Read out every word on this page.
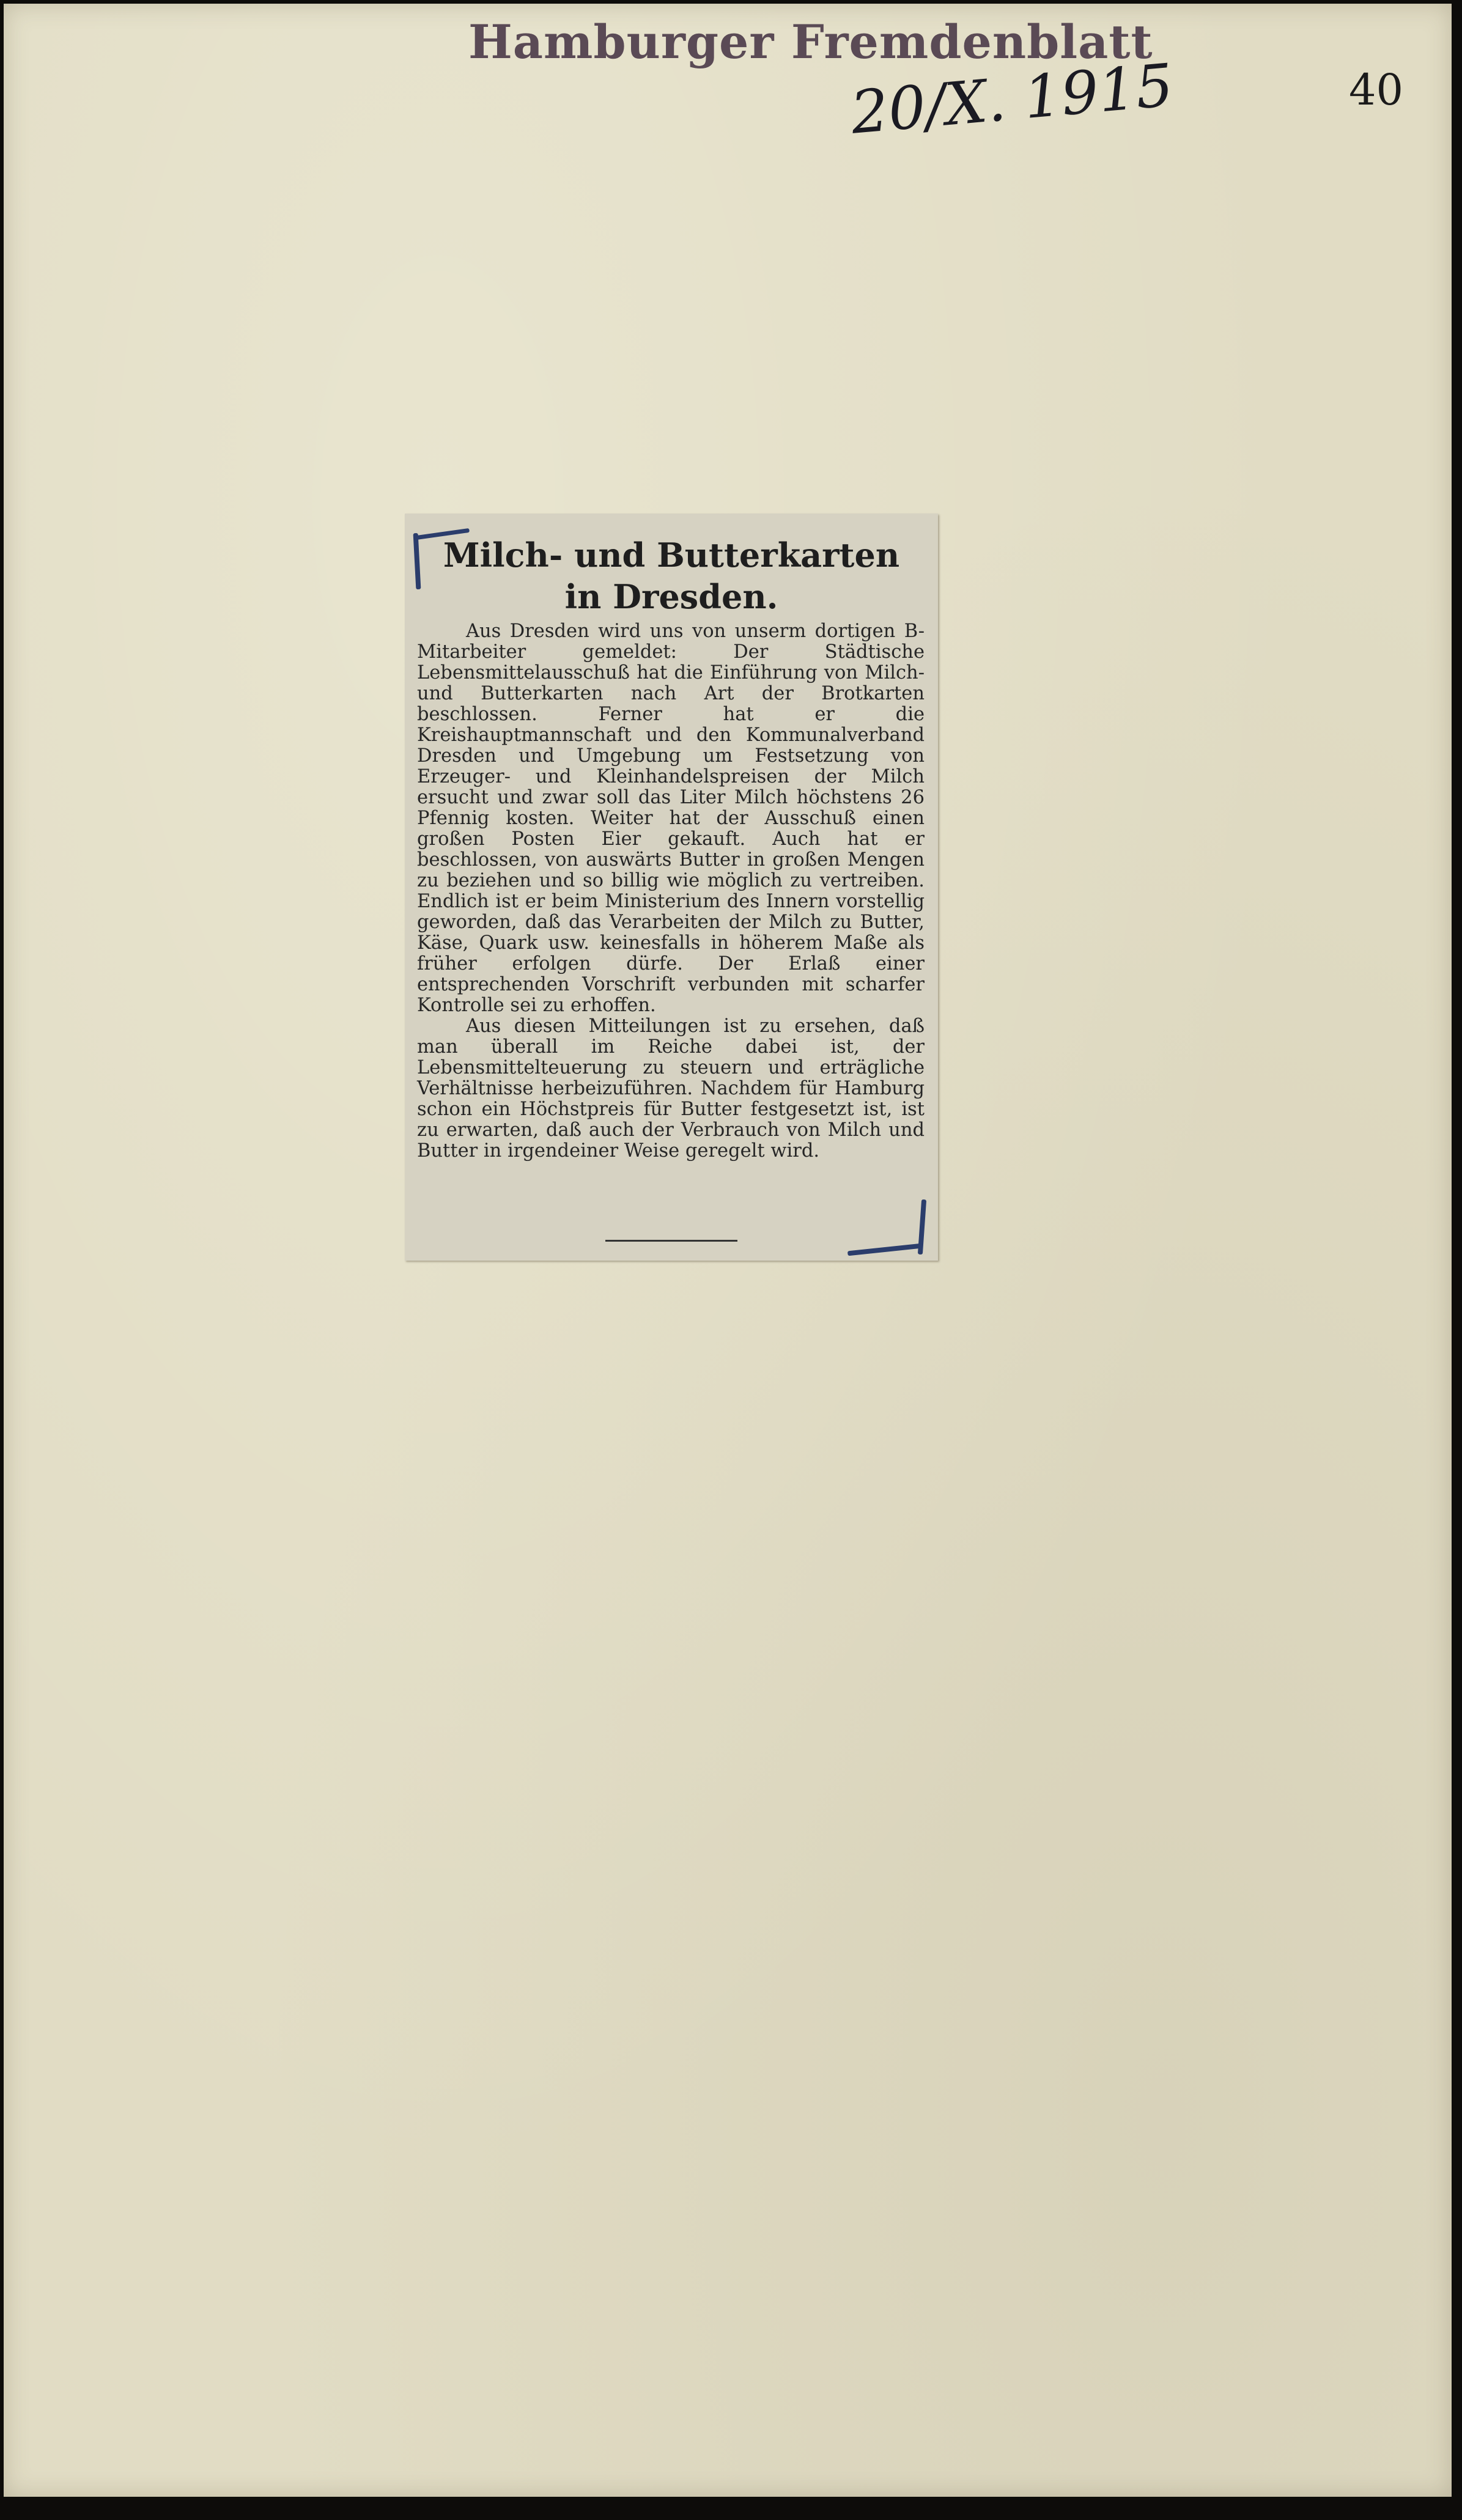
Hamburger Fremdenblatt
20/X. 1915	40
Milch- und Butterkarten
in Dresden.

Aus Dresden wird uns von unserm dortigen B-Mitarbeiter gemeldet: Der Städtische Lebensmittelausschuß hat die Einführung von Milch- und Butterkarten nach Art der Brotkarten beschlossen. Ferner hat er die Kreishauptmannschaft und den Kommunalverband Dresden und Umgebung um Festsetzung von Erzeuger- und Kleinhandelspreisen der Milch ersucht und zwar soll das Liter Milch höchstens 26 Pfennig kosten. Weiter hat der Ausschuß einen großen Posten Eier gekauft. Auch hat er beschlossen, von auswärts Butter in großen Mengen zu beziehen und so billig wie möglich zu vertreiben. Endlich ist er beim Ministerium des Innern vorstellig geworden, daß das Verarbeiten der Milch zu Butter, Käse, Quark usw. keinesfalls in höherem Maße als früher erfolgen dürfe. Der Erlaß einer entsprechenden Vorschrift verbunden mit scharfer Kontrolle sei zu erhoffen.

Aus diesen Mitteilungen ist zu ersehen, daß man überall im Reiche dabei ist, der Lebensmittelteuerung zu steuern und erträgliche Verhältnisse herbeizuführen. Nachdem für Hamburg schon ein Höchstpreis für Butter festgesetzt ist, ist zu erwarten, daß auch der Verbrauch von Milch und Butter in irgendeiner Weise geregelt wird.
